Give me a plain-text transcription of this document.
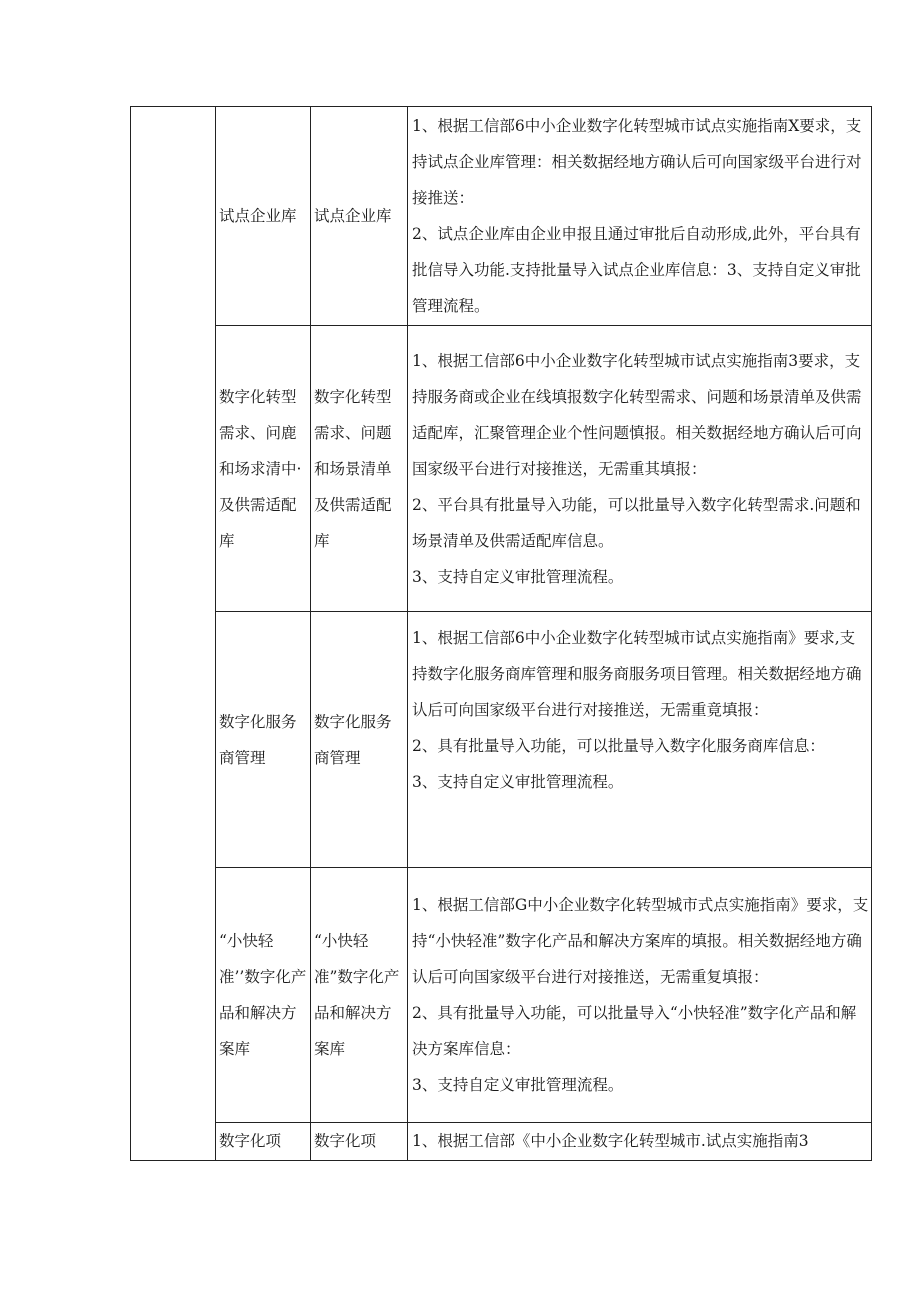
	试点企业库	试点企业库	1、根据工信部6中小企业数字化转型城市试点实施指南X要求，支持试点企业库管理：相关数据经地方确认后可向国家级平台进行对接推送：
2、试点企业库由企业申报且通过审批后自动形成,此外，平台具有批信导入功能.支持批量导入试点企业库信息：3、支持自定义审批管理流程。

	数字化转型需求、问鹿和场求清中·及供需适配库	数字化转型需求、问题和场景清单及供需适配库	1、根据工信部6中小企业数字化转型城市试点实施指南3要求，支持服务商或企业在线填报数字化转型需求、问题和场景清单及供需适配库，汇聚管理企业个性问题慎报。相关数据经地方确认后可向国家级平台进行对接推送，无需重其填报：
2、平台具有批量导入功能，可以批量导入数字化转型需求.问题和场景清单及供需适配库信息。
3、支持自定义审批管理流程。

	数字化服务商管理	数字化服务商管理	1、根据工信部6中小企业数字化转型城市试点实施指南》要求,支持数字化服务商库管理和服务商服务项目管理。相关数据经地方确认后可向国家级平台进行对接推送，无需重竟填报：
2、具有批量导入功能，可以批量导入数字化服务商库信息：
3、支持自定义审批管理流程。

	“小快轻准’’数字化产品和解决方案库	“小快轻准”数字化产品和解决方案库	1、根据工信部G中小企业数字化转型城市式点实施指南》要求，支持“小快轻准”数字化产品和解决方案库的填报。相关数据经地方确认后可向国家级平台进行对接推送，无需重复填报：
2、具有批量导入功能，可以批量导入“小快轻准”数字化产品和解决方案库信息：
3、支持自定义审批管理流程。

	数字化项	数字化项	1、根据工信部《中小企业数字化转型城市.试点实施指南3
